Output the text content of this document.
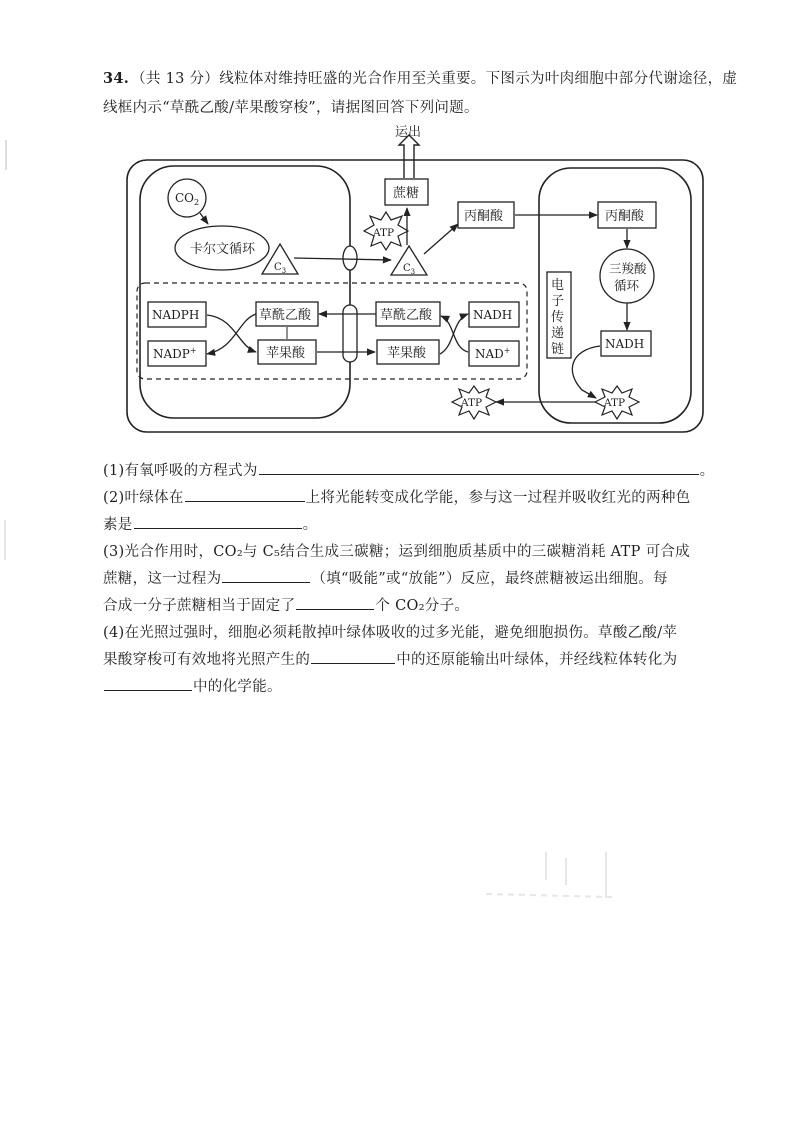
34. （共 13 分）线粒体对维持旺盛的光合作用至关重要。下图示为叶肉细胞中部分代谢途径，虚线框内示“草酰乙酸/苹果酸穿梭”，请据图回答下列问题。
运出
蔗糖
ATP
$CO_2$
卡尔文循环
$C_3$	$C_3$
丙酮酸	丙酮酸
三羧酸
循环
NADH
电
子
传
递
链
ATP
ATP
NADPH
NADP+
草酰乙酸
苹果酸
草酰乙酸
苹果酸
NADH
NAD+

(1)有氧呼吸的方程式为	。

(2)叶绿体在	上将光能转变成化学能，参与这一过程并吸收红光的两种色

素是	。

(3)光合作用时，CO₂与 C₅结合生成三碳糖；运到细胞质基质中的三碳糖消耗 ATP 可合成

蔗糖，这一过程为	（填“吸能”或“放能”）反应，最终蔗糖被运出细胞。每

合成一分子蔗糖相当于固定了	个 CO₂分子。

(4)在光照过强时，细胞必须耗散掉叶绿体吸收的过多光能，避免细胞损伤。草酸乙酸/苹

果酸穿梭可有效地将光照产生的	中的还原能输出叶绿体，并经线粒体转化为

中的化学能。
